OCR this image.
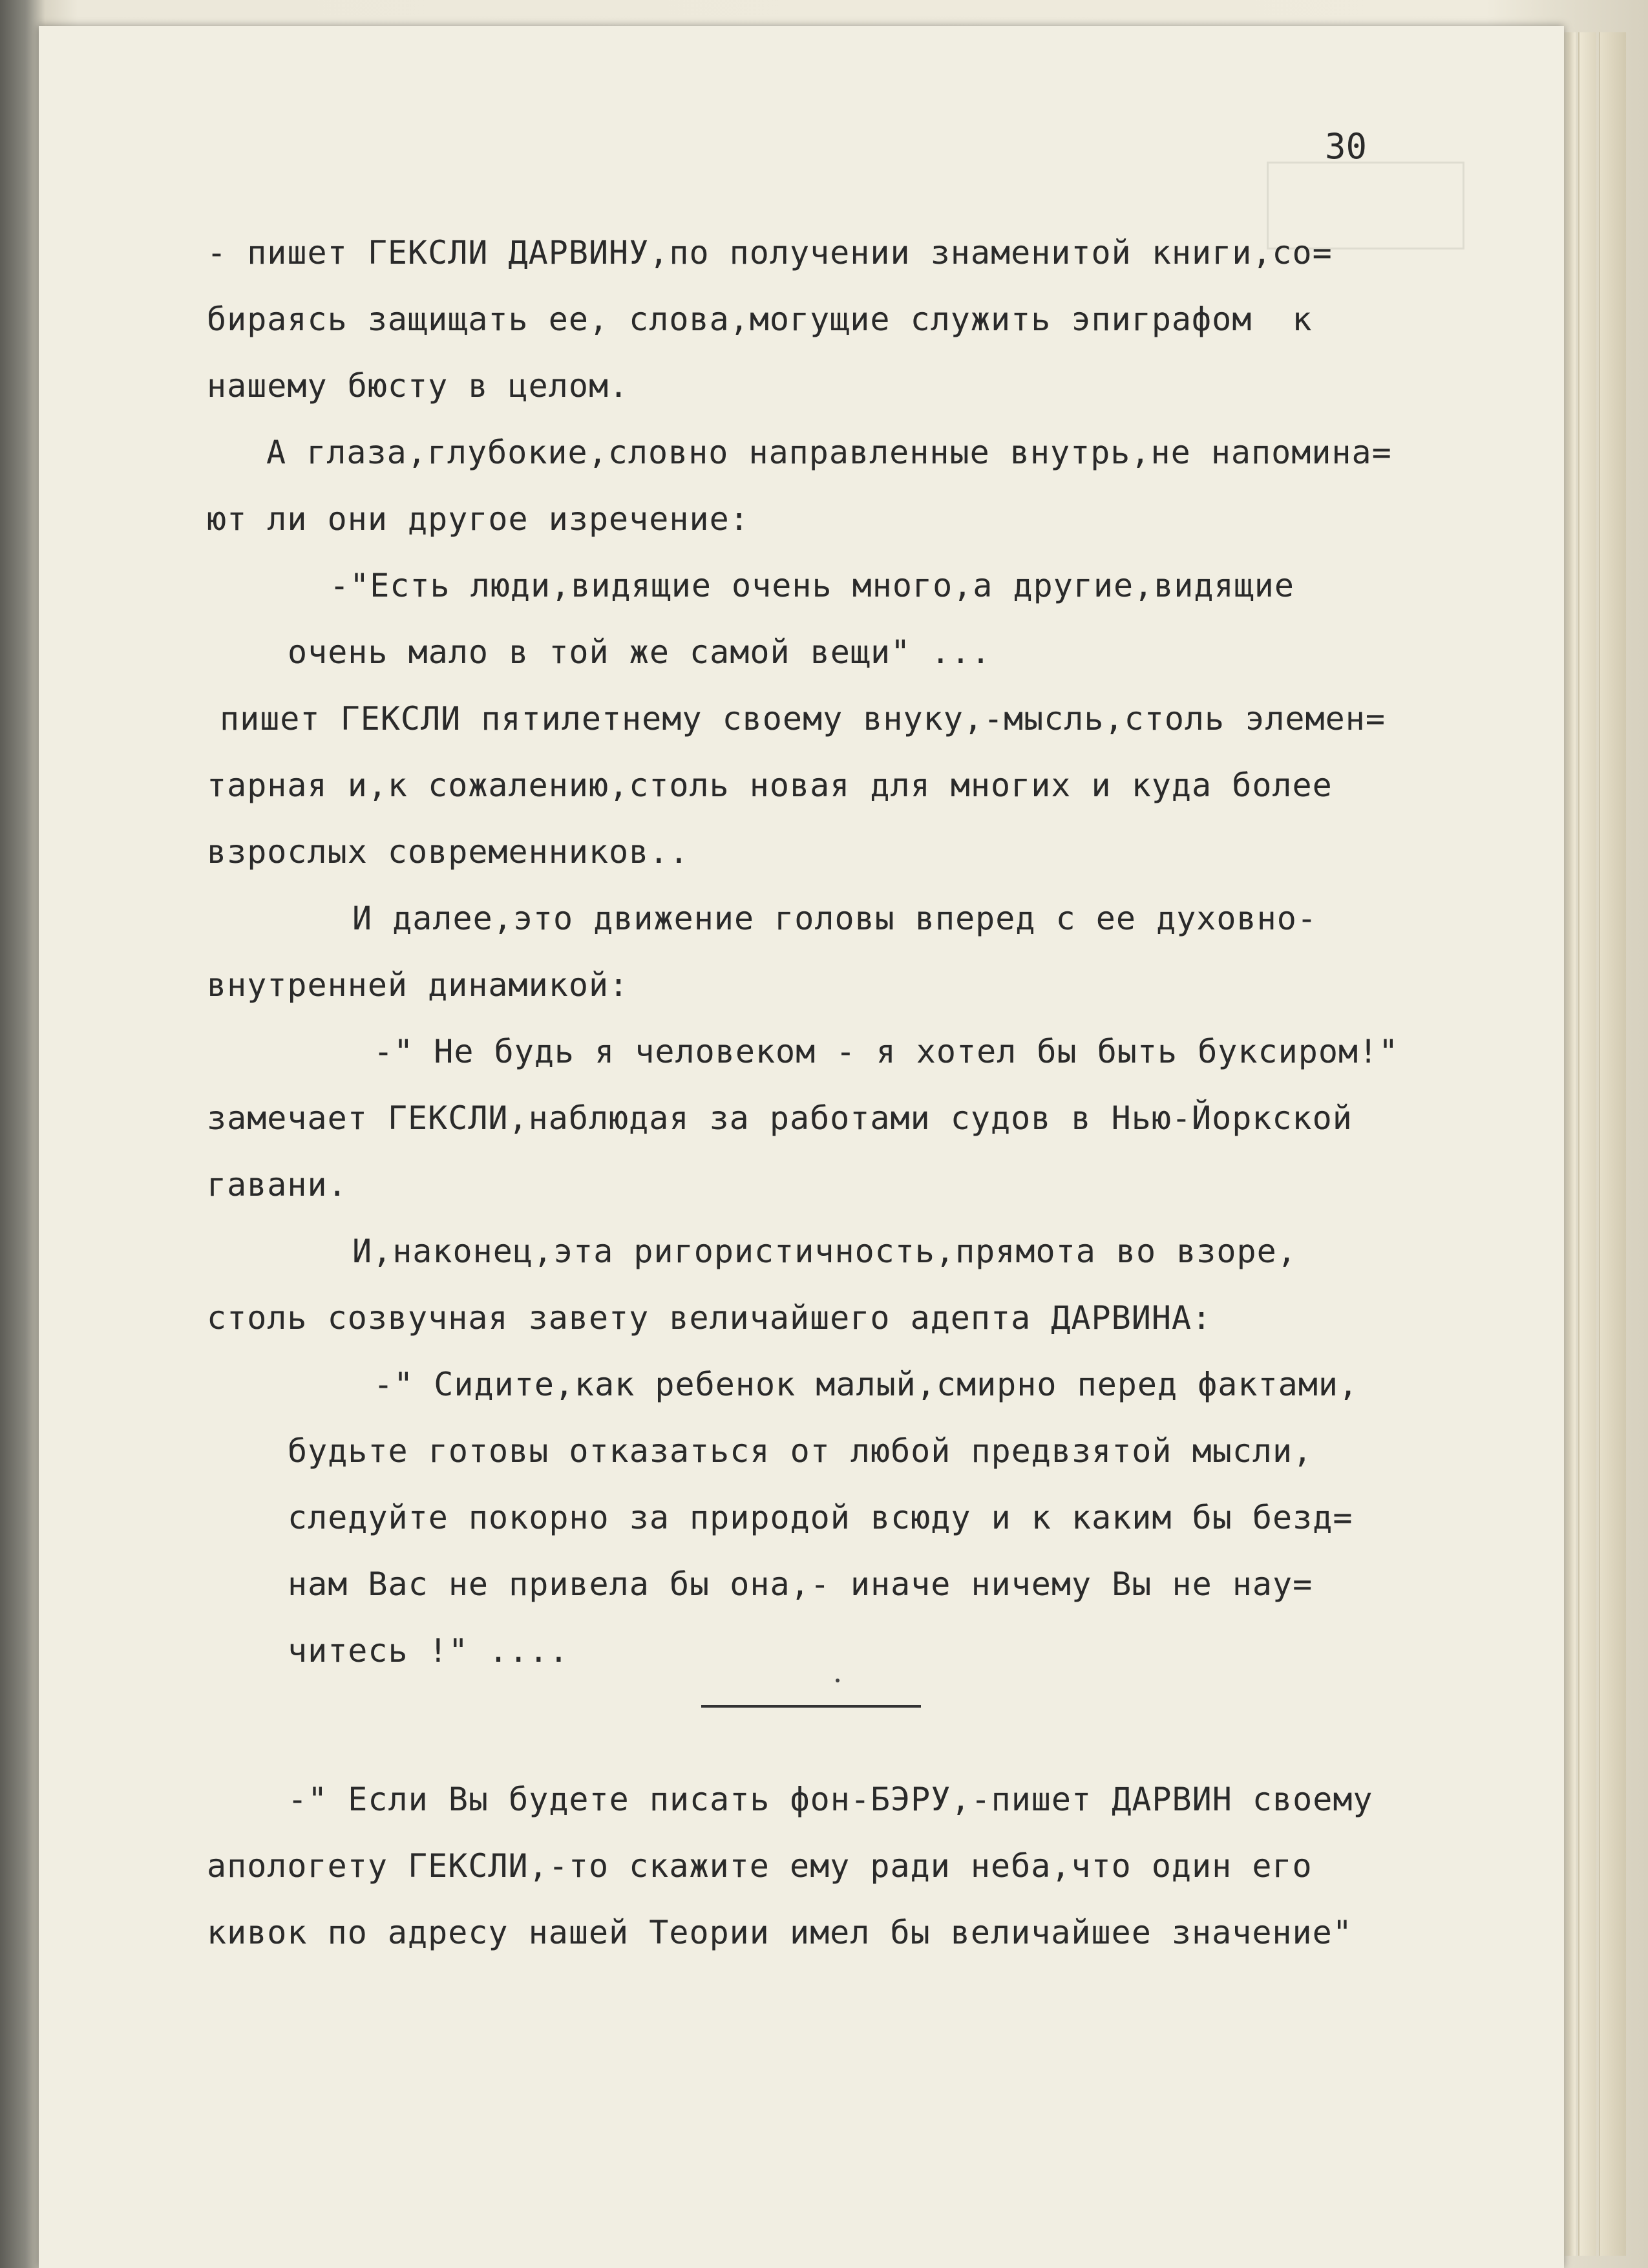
30

- пишет ГЕКСЛИ ДАРВИНУ,по получении знаменитой книги,со=

бираясь защищать ее, слова,могущие служить эпиграфом  к

нашему бюсту в целом.

А глаза,глубокие,словно направленные внутрь,не напомина=

ют ли они другое изречение:

-"Есть люди,видящие очень много,а другие,видящие

очень мало в той же самой вещи" ...

пишет ГЕКСЛИ пятилетнему своему внуку,-мысль,столь элемен=

тарная и,к сожалению,столь новая для многих и куда более

взрослых современников..

И далее,это движение головы вперед с ее духовно-

внутренней динамикой:

-" Не будь я человеком - я хотел бы быть буксиром!"

замечает ГЕКСЛИ,наблюдая за работами судов в Нью-Йоркской

гавани.

И,наконец,эта ригористичность,прямота во взоре,

столь созвучная завету величайшего адепта ДАРВИНА:

-" Сидите,как ребенок малый,смирно перед фактами,

будьте готовы отказаться от любой предвзятой мысли,

следуйте покорно за природой всюду и к каким бы безд=

нам Вас не привела бы она,- иначе ничему Вы не нау=

читесь !" ....

-" Если Вы будете писать фон-БЭРУ,-пишет ДАРВИН своему

апологету ГЕКСЛИ,-то скажите ему ради неба,что один его

кивок по адресу нашей Теории имел бы величайшее значение"
